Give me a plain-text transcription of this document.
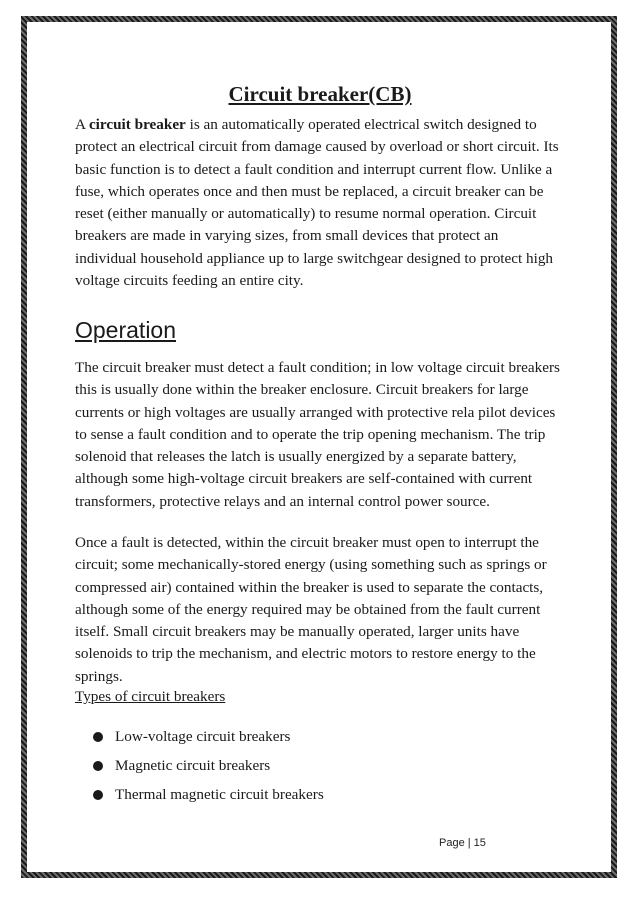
Circuit breaker(CB)

A circuit breaker is an automatically operated electrical switch designed to protect an electrical circuit from damage caused by overload or short circuit. Its basic function is to detect a fault condition and interrupt current flow. Unlike a fuse, which operates once and then must be replaced, a circuit breaker can be reset (either manually or automatically) to resume normal operation. Circuit breakers are made in varying sizes, from small devices that protect an individual household appliance up to large switchgear designed to protect high voltage circuits feeding an entire city.

Operation

The circuit breaker must detect a fault condition; in low voltage circuit breakers this is usually done within the breaker enclosure. Circuit breakers for large currents or high voltages are usually arranged with protective rela pilot devices to sense a fault condition and to operate the trip opening mechanism. The trip solenoid that releases the latch is usually energized by a separate battery, although some high-voltage circuit breakers are self-contained with current transformers, protective relays and an internal control power source.

Once a fault is detected, within the circuit breaker must open to interrupt the circuit; some mechanically-stored energy (using something such as springs or compressed air) contained within the breaker is used to separate the contacts, although some of the energy required may be obtained from the fault current itself. Small circuit breakers may be manually operated, larger units have solenoids to trip the mechanism, and electric motors to restore energy to the springs.

Types of circuit breakers

Low-voltage circuit breakers
Magnetic circuit breakers
Thermal magnetic circuit breakers

Page | 15
